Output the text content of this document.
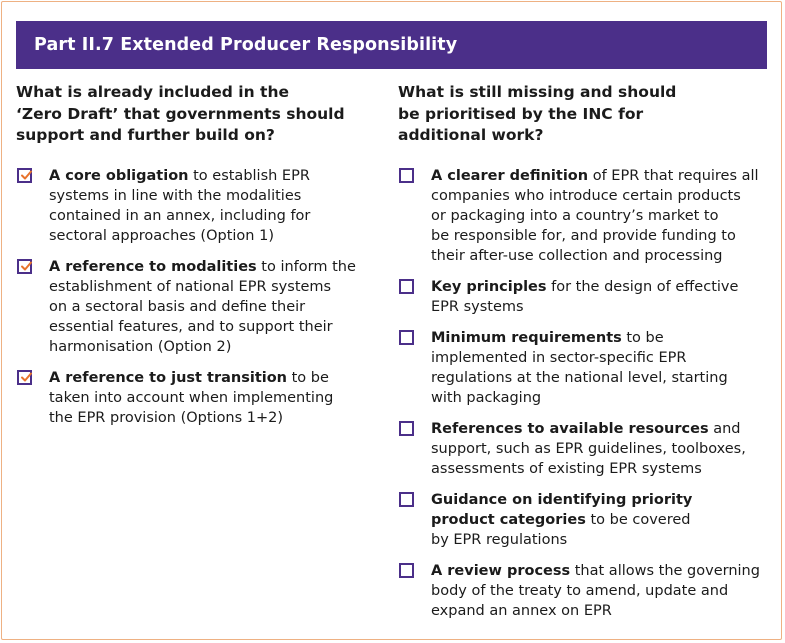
Part II.7 Extended Producer Responsibility
What is already included in the
‘Zero Draft’ that governments should
support and further build on?
A core obligation to establish EPR
systems in line with the modalities
contained in an annex, including for
sectoral approaches (Option 1)
A reference to modalities to inform the
establishment of national EPR systems
on a sectoral basis and define their
essential features, and to support their
harmonisation (Option 2)
A reference to just transition to be
taken into account when implementing
the EPR provision (Options 1+2)
What is still missing and should
be prioritised by the INC for
additional work?
A clearer definition of EPR that requires all
companies who introduce certain products
or packaging into a country’s market to
be responsible for, and provide funding to
their after-use collection and processing
Key principles for the design of effective
EPR systems
Minimum requirements to be
implemented in sector-specific EPR
regulations at the national level, starting
with packaging
References to available resources and
support, such as EPR guidelines, toolboxes,
assessments of existing EPR systems
Guidance on identifying priority
product categories to be covered
by EPR regulations
A review process that allows the governing
body of the treaty to amend, update and
expand an annex on EPR
